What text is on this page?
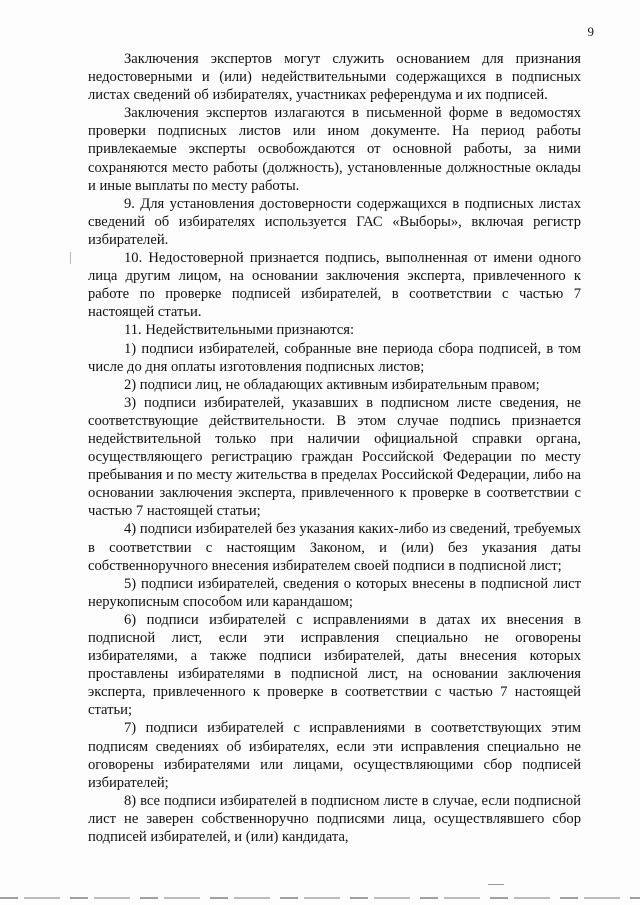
9

Заключения экспертов могут служить основанием для признания недостоверными и (или) недействительными содержащихся в подписных листах сведений об избирателях, участниках референдума и их подписей.

Заключения экспертов излагаются в письменной форме в ведомостях проверки подписных листов или ином документе. На период работы привлекаемые эксперты освобождаются от основной работы, за ними сохраняются место работы (должность), установленные должностные оклады и иные выплаты по месту работы.

9. Для установления достоверности содержащихся в подписных листах сведений об избирателях используется ГАС «Выборы», включая регистр избирателей.

10. Недостоверной признается подпись, выполненная от имени одного лица другим лицом, на основании заключения эксперта, привлеченного к работе по проверке подписей избирателей, в соответствии с частью 7 настоящей статьи.

11. Недействительными признаются:

1) подписи избирателей, собранные вне периода сбора подписей, в том числе до дня оплаты изготовления подписных листов;

2) подписи лиц, не обладающих активным избирательным правом;

3) подписи избирателей, указавших в подписном листе сведения, не соответствующие действительности. В этом случае подпись признается недействительной только при наличии официальной справки органа, осуществляющего регистрацию граждан Российской Федерации по месту пребывания и по месту жительства в пределах Российской Федерации, либо на основании заключения эксперта, привлеченного к проверке в соответствии с частью 7 настоящей статьи;

4) подписи избирателей без указания каких-либо из сведений, требуемых в соответствии с настоящим Законом, и (или) без указания даты собственноручного внесения избирателем своей подписи в подписной лист;

5) подписи избирателей, сведения о которых внесены в подписной лист нерукописным способом или карандашом;

6) подписи избирателей с исправлениями в датах их внесения в подписной лист, если эти исправления специально не оговорены избирателями, а также подписи избирателей, даты внесения которых проставлены избирателями в подписной лист, на основании заключения эксперта, привлеченного к проверке в соответствии с частью 7 настоящей статьи;

7) подписи избирателей с исправлениями в соответствующих этим подписям сведениях об избирателях, если эти исправления специально не оговорены избирателями или лицами, осуществляющими сбор подписей избирателей;

8) все подписи избирателей в подписном листе в случае, если подписной лист не заверен собственноручно подписями лица, осуществлявшего сбор подписей избирателей, и (или) кандидата,
